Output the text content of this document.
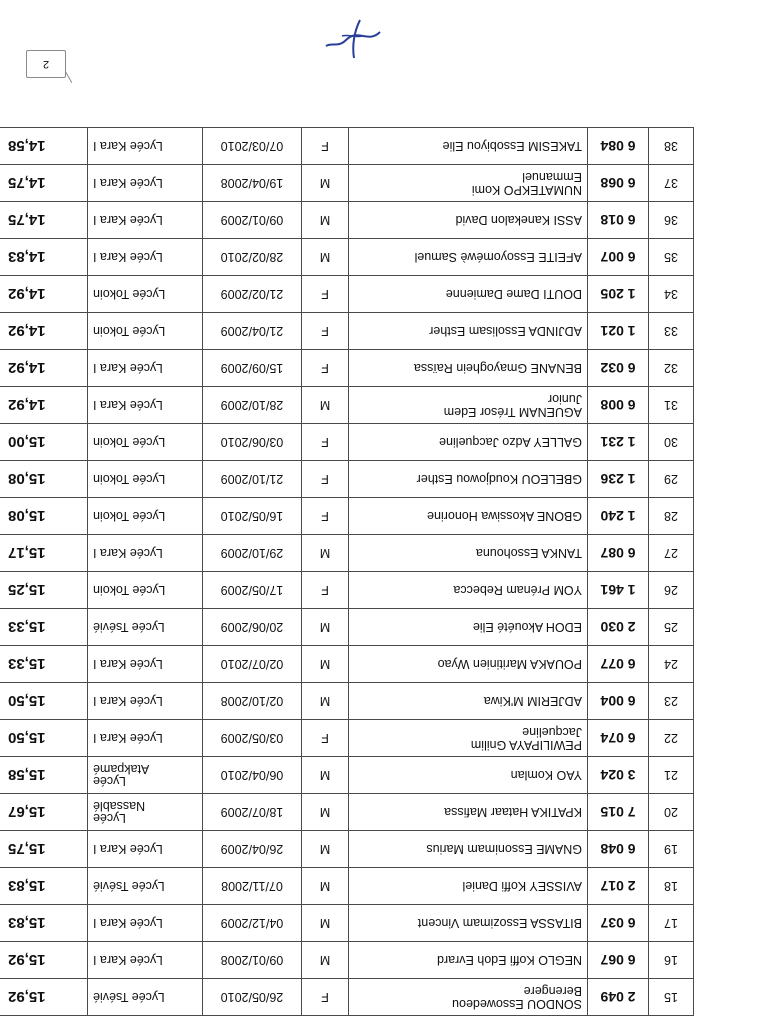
15	2 049	SONDOU Essowedeou
Berengere	F	26/05/2010	Lycée Tsévié	15,92
16	6 067	NEGLO Koffi Edoh Evrard	M	09/01/2008	Lycée Kara I	15,92
17	6 037	BITASSA Essozimam Vincent	M	04/12/2009	Lycée Kara I	15,83
18	2 017	AVISSEY Koffi Daniel	M	07/11/2008	Lycée Tsévié	15,83
19	6 048	GNAME Essonimam Marius	M	26/04/2009	Lycée Kara I	15,75
20	7 015	KPATIKA Hataar Mafissa	M	18/07/2009	Lycée
Nassablé	15,67
21	3 024	YAO Komlan	M	06/04/2010	Lycée
Atakpamé	15,58
22	6 074	PEWILIPAYA Gnilim
Jacqueline	F	03/05/2009	Lycée Kara I	15,50
23	6 004	ADJERIM M'Kiwa	M	02/10/2008	Lycée Kara I	15,50
24	6 077	POUAKA Maritinien Wyao	M	02/07/2010	Lycée Kara I	15,33
25	2 030	EDOH Akouété Elie	M	20/06/2009	Lycée Tsévié	15,33
26	1 461	YOM Prénam Rebecca	F	17/05/2009	Lycée Tokoin	15,25
27	6 087	TANKA Essohouna	M	29/10/2009	Lycée Kara I	15,17
28	1 240	GBONE Akossiwa Honorine	F	16/05/2010	Lycée Tokoin	15,08
29	1 236	GBELEOU Koudjowou Esther	F	21/10/2009	Lycée Tokoin	15,08
30	1 231	GALLEY Adzo Jacqueline	F	03/06/2010	Lycée Tokoin	15,00
31	6 008	AGUENAM Trésor Edem
Junior	M	28/10/2009	Lycée Kara I	14,92
32	6 032	BENANE Gmayoghein Raïssa	F	15/09/2009	Lycée Kara I	14,92
33	1 021	ADJINDA Essolisam Esther	F	21/04/2009	Lycée Tokoin	14,92
34	1 205	DOUTI Dame Damienne	F	21/02/2009	Lycée Tokoin	14,92
35	6 007	AFEITE Essoyoméwè Samuel	M	28/02/2010	Lycée Kara I	14,83
36	6 018	ASSI Kanekalon David	M	09/01/2009	Lycée Kara I	14,75
37	6 068	NUMATEKPO Komi
Emmanuel	M	19/04/2008	Lycée Kara I	14,75
38	6 084	TAKESIM Essobiyou Elie	F	07/03/2010	Lycée Kara I	14,58
2
